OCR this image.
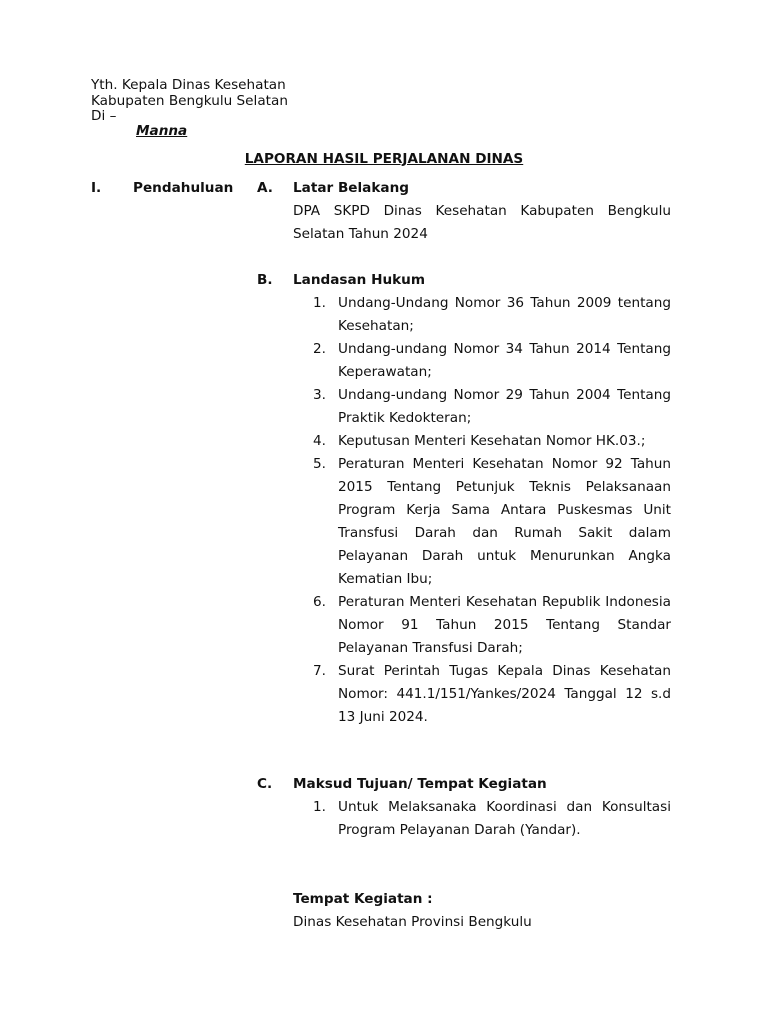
Yth. Kepala Dinas Kesehatan
Kabupaten Bengkulu Selatan
Di –
Manna
LAPORAN HASIL PERJALANAN DINAS
I. Pendahuluan	A. Latar Belakang
DPA SKPD Dinas Kesehatan Kabupaten Bengkulu Selatan Tahun 2024
B. Landasan Hukum
1. Undang-Undang Nomor 36 Tahun 2009 tentang Kesehatan;
2. Undang-undang Nomor 34 Tahun 2014 Tentang Keperawatan;
3. Undang-undang Nomor 29 Tahun 2004 Tentang Praktik Kedokteran;
4. Keputusan Menteri Kesehatan Nomor HK.03.;
5. Peraturan Menteri Kesehatan Nomor 92 Tahun 2015 Tentang Petunjuk Teknis Pelaksanaan Program Kerja Sama Antara Puskesmas Unit Transfusi Darah dan Rumah Sakit dalam Pelayanan Darah untuk Menurunkan Angka Kematian Ibu;
6. Peraturan Menteri Kesehatan Republik Indonesia Nomor 91 Tahun 2015 Tentang Standar Pelayanan Transfusi Darah;
7. Surat Perintah Tugas Kepala Dinas Kesehatan Nomor: 441.1/151/Yankes/2024 Tanggal 12 s.d 13 Juni 2024.
C. Maksud Tujuan/ Tempat Kegiatan
1. Untuk Melaksanaka Koordinasi dan Konsultasi Program Pelayanan Darah (Yandar).
Tempat Kegiatan :
Dinas Kesehatan Provinsi Bengkulu
